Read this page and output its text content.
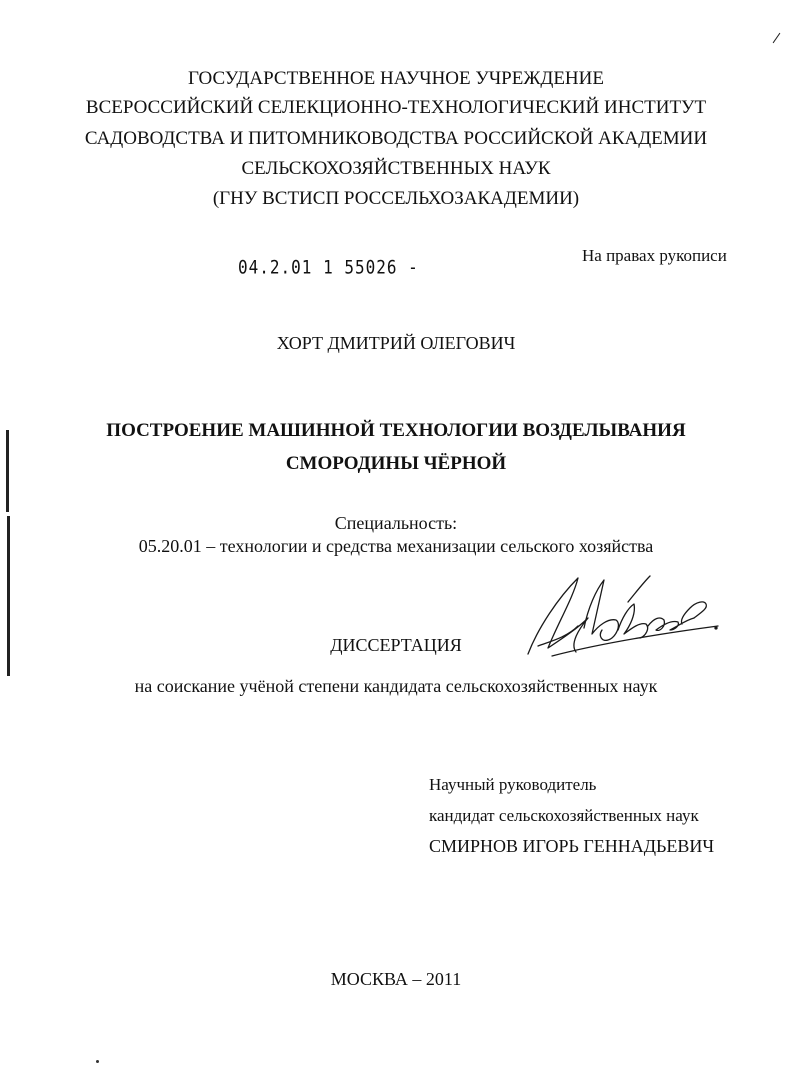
ГОСУДАРСТВЕННОЕ НАУЧНОЕ УЧРЕЖДЕНИЕ
ВСЕРОССИЙСКИЙ СЕЛЕКЦИОННО-ТЕХНОЛОГИЧЕСКИЙ ИНСТИТУТ
САДОВОДСТВА И ПИТОМНИКОВОДСТВА РОССИЙСКОЙ АКАДЕМИИ
СЕЛЬСКОХОЗЯЙСТВЕННЫХ НАУК
(ГНУ ВСТИСП РОССЕЛЬХОЗАКАДЕМИИ)
04.2.01 1 55026 -
На правах рукописи
ХОРТ ДМИТРИЙ ОЛЕГОВИЧ
ПОСТРОЕНИЕ МАШИННОЙ ТЕХНОЛОГИИ ВОЗДЕЛЫВАНИЯ
СМОРОДИНЫ ЧЁРНОЙ
Специальность:
05.20.01 – технологии и средства механизации сельского хозяйства
ДИССЕРТАЦИЯ
на соискание учёной степени кандидата сельскохозяйственных наук
Научный руководитель
кандидат сельскохозяйственных наук
СМИРНОВ ИГОРЬ ГЕННАДЬЕВИЧ
МОСКВА – 2011
